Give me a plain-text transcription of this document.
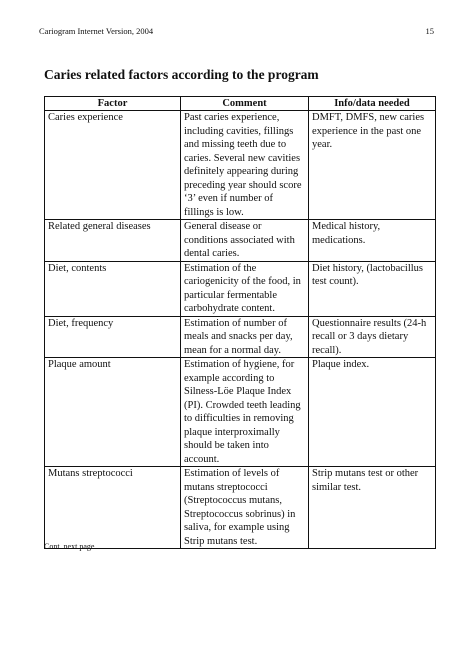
Cariogram Internet Version, 2004	15
Caries related factors according to the program
Factor	Comment	Info/data needed
Caries experience	Past caries experience, including cavities, fillings and missing teeth due to caries. Several new cavities definitely appearing during preceding year should score ‘3’ even if number of fillings is low.	DMFT, DMFS, new caries experience in the past one year.
Related general diseases	General disease or conditions associated with dental caries.	Medical history, medications.
Diet, contents	Estimation of the cariogenicity of the food, in particular fermentable carbohydrate content.	Diet history, (lactobacillus test count).
Diet, frequency	Estimation of number of meals and snacks per day, mean for a normal day.	Questionnaire results (24-h recall or 3 days dietary recall).
Plaque amount	Estimation of hygiene, for example according to Silness-Löe Plaque Index (PI). Crowded teeth leading to difficulties in removing plaque interproximally should be taken into account.	Plaque index.
Mutans streptococci	Estimation of levels of mutans streptococci (Streptococcus mutans, Streptococcus sobrinus) in saliva, for example using Strip mutans test.	Strip mutans test or other similar test.
Cont. next page.
